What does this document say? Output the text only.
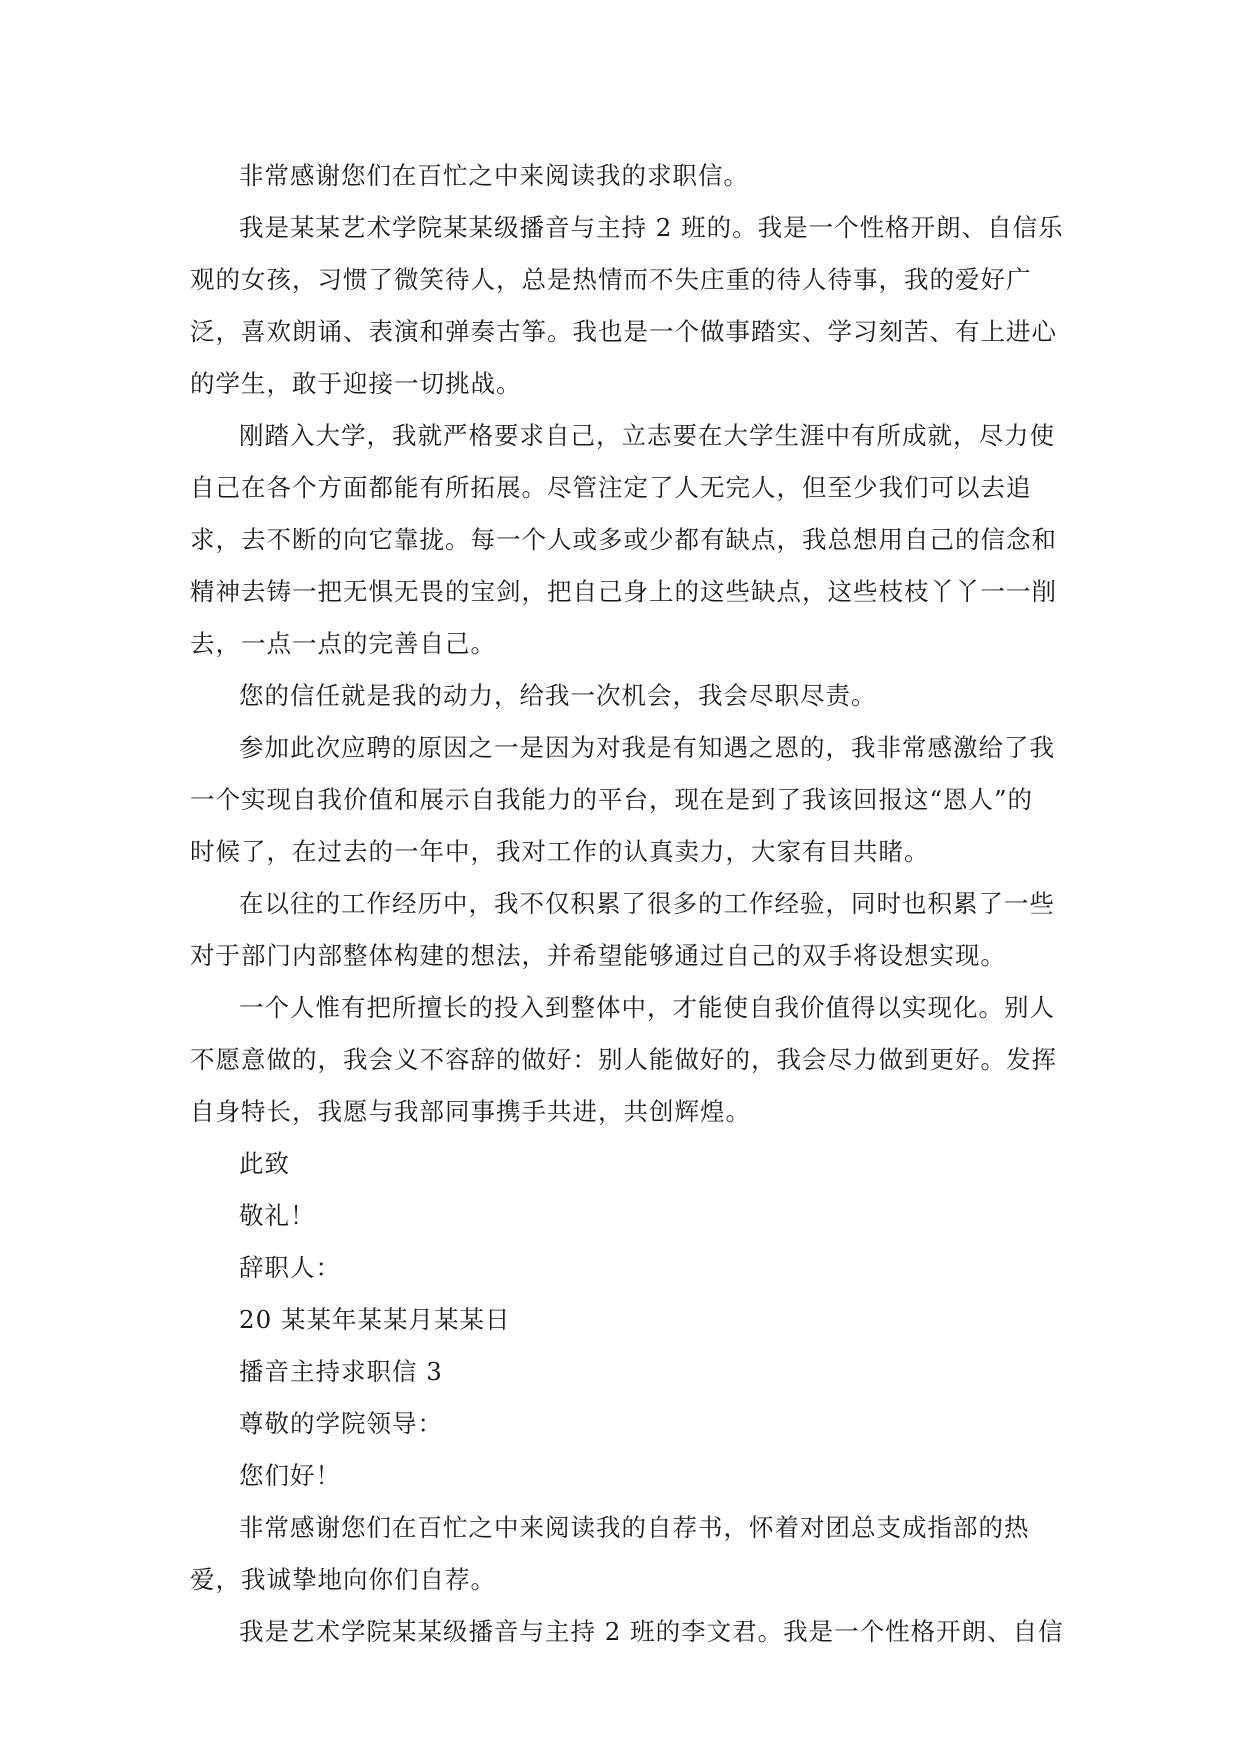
非常感谢您们在百忙之中来阅读我的求职信。

我是某某艺术学院某某级播音与主持 2 班的。我是一个性格开朗、自信乐
观的女孩，习惯了微笑待人，总是热情而不失庄重的待人待事，我的爱好广
泛，喜欢朗诵、表演和弹奏古筝。我也是一个做事踏实、学习刻苦、有上进心
的学生，敢于迎接一切挑战。

刚踏入大学，我就严格要求自己，立志要在大学生涯中有所成就，尽力使
自己在各个方面都能有所拓展。尽管注定了人无完人，但至少我们可以去追
求，去不断的向它靠拢。每一个人或多或少都有缺点，我总想用自己的信念和
精神去铸一把无惧无畏的宝剑，把自己身上的这些缺点，这些枝枝丫丫一一削
去，一点一点的完善自己。

您的信任就是我的动力，给我一次机会，我会尽职尽责。

参加此次应聘的原因之一是因为对我是有知遇之恩的，我非常感激给了我
一个实现自我价值和展示自我能力的平台，现在是到了我该回报这“恩人”的
时候了，在过去的一年中，我对工作的认真卖力，大家有目共睹。

在以往的工作经历中，我不仅积累了很多的工作经验，同时也积累了一些
对于部门内部整体构建的想法，并希望能够通过自己的双手将设想实现。

一个人惟有把所擅长的投入到整体中，才能使自我价值得以实现化。别人
不愿意做的，我会义不容辞的做好：别人能做好的，我会尽力做到更好。发挥
自身特长，我愿与我部同事携手共进，共创辉煌。

此致

敬礼！

辞职人：

20 某某年某某月某某日

播音主持求职信 3

尊敬的学院领导：

您们好！

非常感谢您们在百忙之中来阅读我的自荐书，怀着对团总支成指部的热
爱，我诚挚地向你们自荐。

我是艺术学院某某级播音与主持 2 班的李文君。我是一个性格开朗、自信
